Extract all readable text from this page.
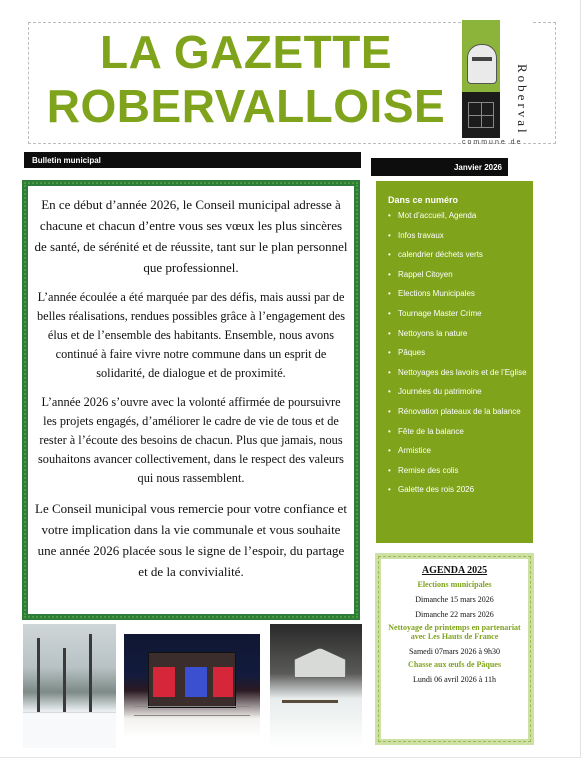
LA GAZETTE
ROBERVALLOISE	Roberval
commune de
Bulletin municipal
Janvier 2026

En ce début d’année 2026, le Conseil municipal adresse à chacune et chacun d’entre vous ses vœux les plus sincères de santé, de sérénité et de réussite, tant sur le plan personnel que professionnel.

L’année écoulée a été marquée par des défis, mais aussi par de belles réalisations, rendues possibles grâce à l’engagement des élus et de l’ensemble des habitants. Ensemble, nous avons continué à faire vivre notre commune dans un esprit de solidarité, de dialogue et de proximité.

L’année 2026 s’ouvre avec la volonté affirmée de poursuivre les projets engagés, d’améliorer le cadre de vie de tous et de rester à l’écoute des besoins de chacun. Plus que jamais, nous souhaitons avancer collectivement, dans le respect des valeurs qui nous rassemblent.

Le Conseil municipal vous remercie pour votre confiance et votre implication dans la vie communale et vous souhaite une année 2026 placée sous le signe de l’espoir, du partage et de la convivialité.

Dans ce numéro
• Mot d’accueil, Agenda
• Infos travaux
• calendrier déchets verts
• Rappel Citoyen
• Elections Municipales
• Tournage Master Crime
• Nettoyons la nature
• Pâques
• Nettoyages des lavoirs et de l’Eglise
• Journées du patrimoine
• Rénovation plateaux de la balance
• Fête de la balance
• Armistice
• Remise des colis
• Galette des rois 2026
AGENDA 2025
Elections municipales
Dimanche 15 mars 2026
Dimanche 22 mars 2026
Nettoyage de printemps en partenariat avec Les Hauts de France
Samedi 07mars 2026 à 9h30
Chasse aux œufs de Pâques
Lundi 06 avril 2026 à 11h
